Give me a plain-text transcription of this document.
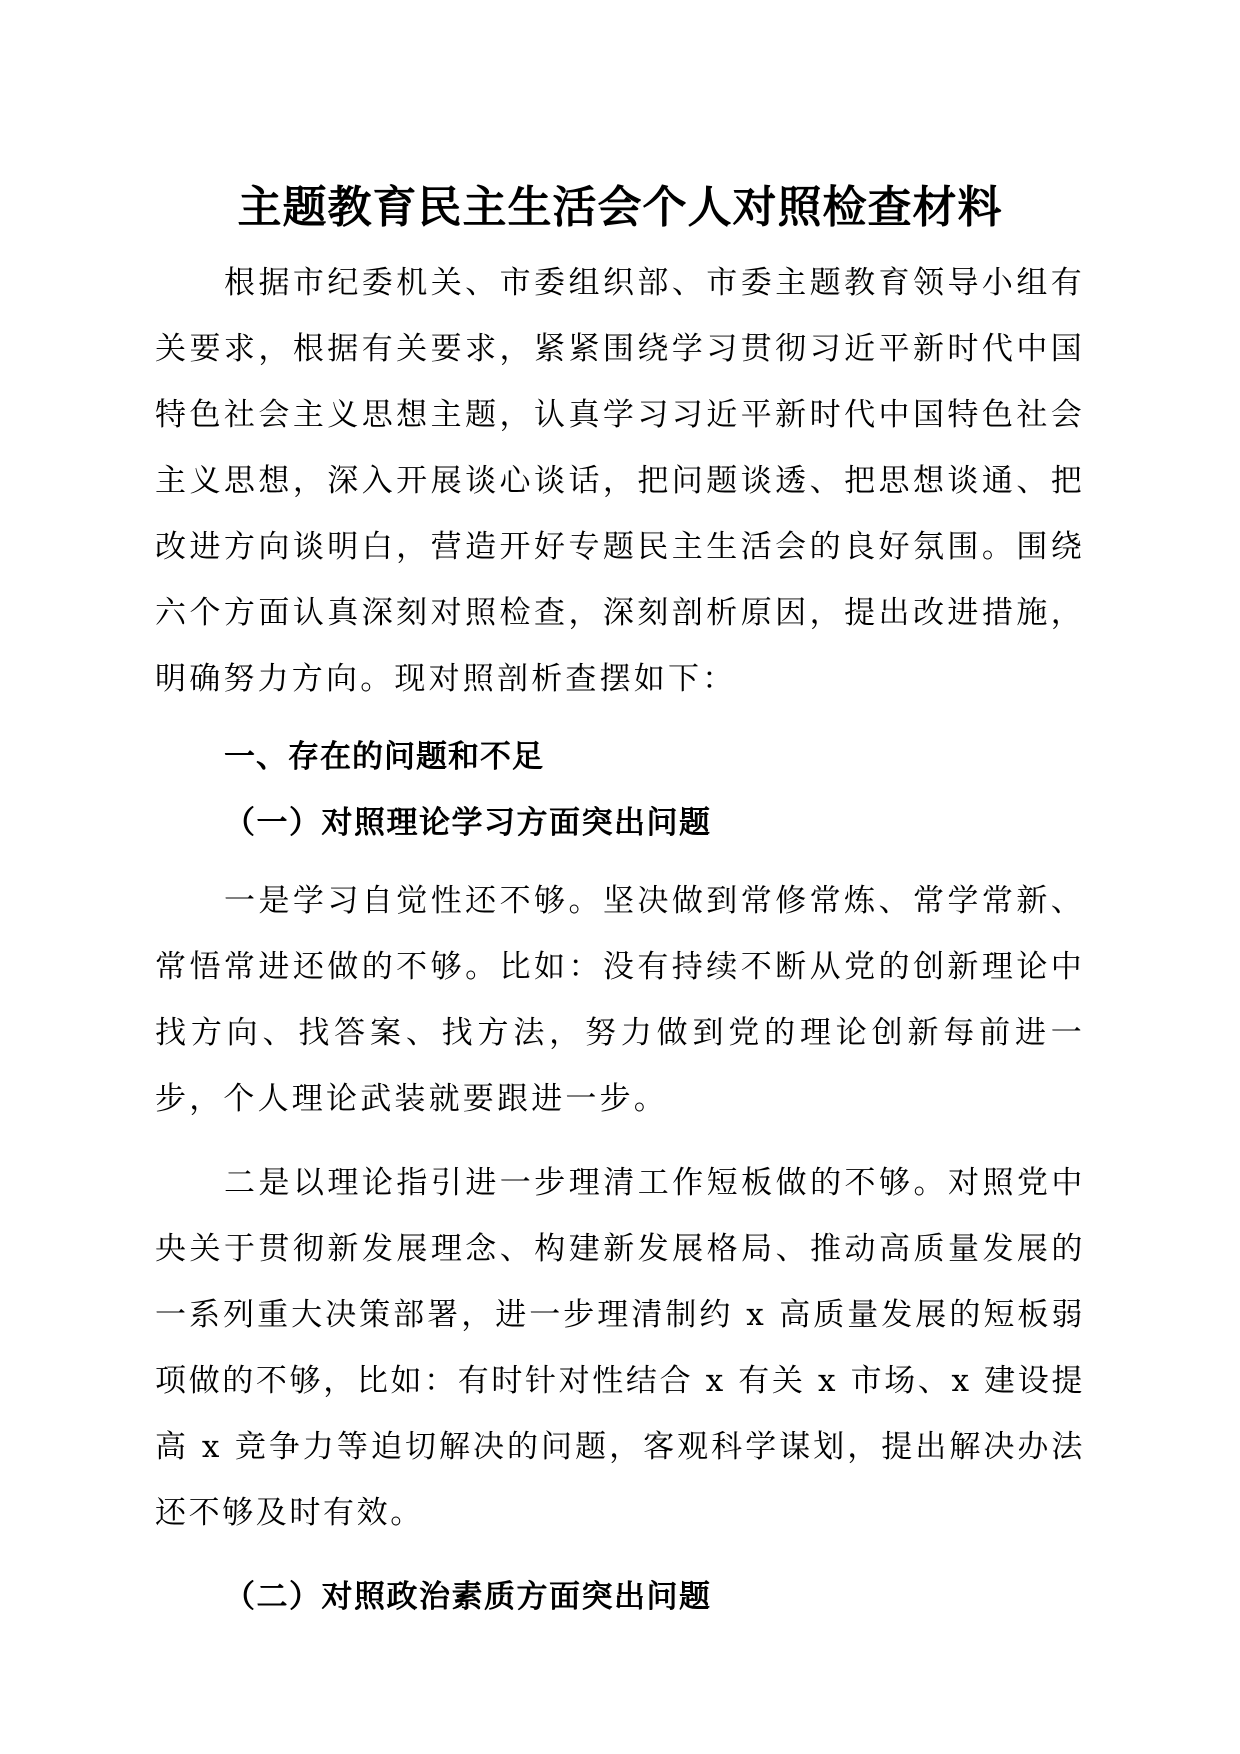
主题教育民主生活会个人对照检查材料

根据市纪委机关、市委组织部、市委主题教育领导小组有关要求，根据有关要求，紧紧围绕学习贯彻习近平新时代中国特色社会主义思想主题，认真学习习近平新时代中国特色社会主义思想，深入开展谈心谈话，把问题谈透、把思想谈通、把改进方向谈明白，营造开好专题民主生活会的良好氛围。围绕六个方面认真深刻对照检查，深刻剖析原因，提出改进措施，明确努力方向。现对照剖析查摆如下：

一、存在的问题和不足

（一）对照理论学习方面突出问题

一是学习自觉性还不够。坚决做到常修常炼、常学常新、常悟常进还做的不够。比如：没有持续不断从党的创新理论中找方向、找答案、找方法，努力做到党的理论创新每前进一步，个人理论武装就要跟进一步。

二是以理论指引进一步理清工作短板做的不够。对照党中央关于贯彻新发展理念、构建新发展格局、推动高质量发展的一系列重大决策部署，进一步理清制约 x 高质量发展的短板弱项做的不够，比如：有时针对性结合 x 有关 x 市场、x 建设提高 x 竞争力等迫切解决的问题，客观科学谋划，提出解决办法还不够及时有效。

（二）对照政治素质方面突出问题
